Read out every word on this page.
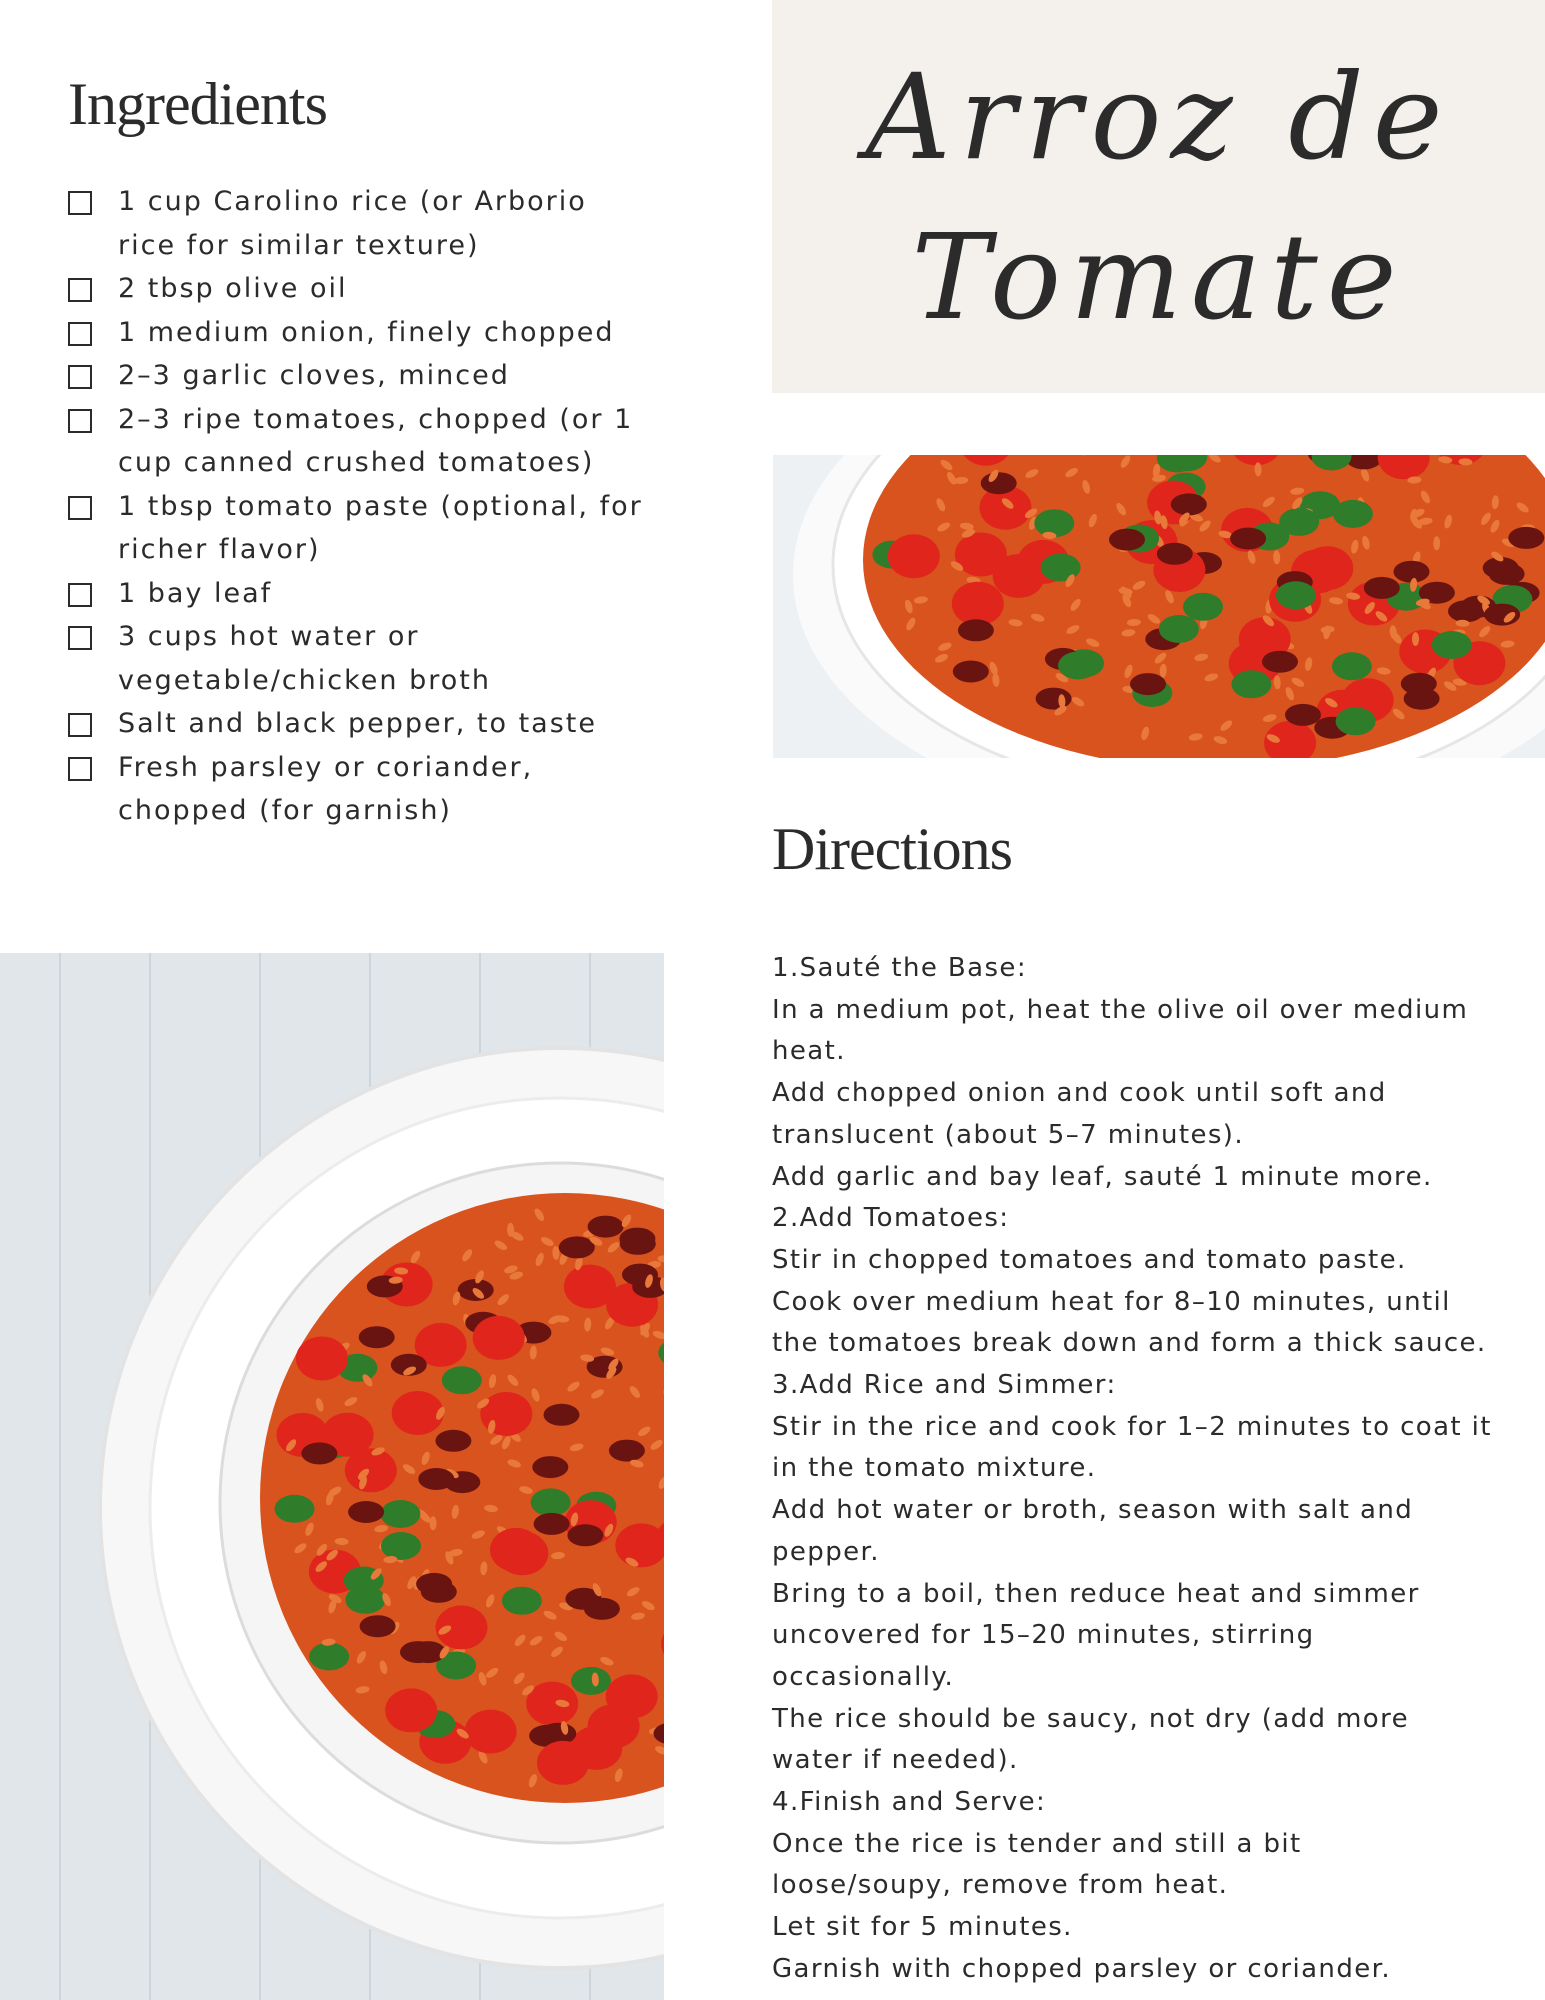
Arroz de
Tomate
Ingredients
1 cup Carolino rice (or Arborio
rice for similar texture)
2 tbsp olive oil
1 medium onion, finely chopped
2–3 garlic cloves, minced
2–3 ripe tomatoes, chopped (or 1
cup canned crushed tomatoes)
1 tbsp tomato paste (optional, for
richer flavor)
1 bay leaf
3 cups hot water or
vegetable/chicken broth
Salt and black pepper, to taste
Fresh parsley or coriander,
chopped (for garnish)
Directions
1.Sauté the Base:
In a medium pot, heat the olive oil over medium
heat.
Add chopped onion and cook until soft and
translucent (about 5–7 minutes).
Add garlic and bay leaf, sauté 1 minute more.
2.Add Tomatoes:
Stir in chopped tomatoes and tomato paste.
Cook over medium heat for 8–10 minutes, until
the tomatoes break down and form a thick sauce.
3.Add Rice and Simmer:
Stir in the rice and cook for 1–2 minutes to coat it
in the tomato mixture.
Add hot water or broth, season with salt and
pepper.
Bring to a boil, then reduce heat and simmer
uncovered for 15–20 minutes, stirring
occasionally.
The rice should be saucy, not dry (add more
water if needed).
4.Finish and Serve:
Once the rice is tender and still a bit
loose/soupy, remove from heat.
Let sit for 5 minutes.
Garnish with chopped parsley or coriander.
